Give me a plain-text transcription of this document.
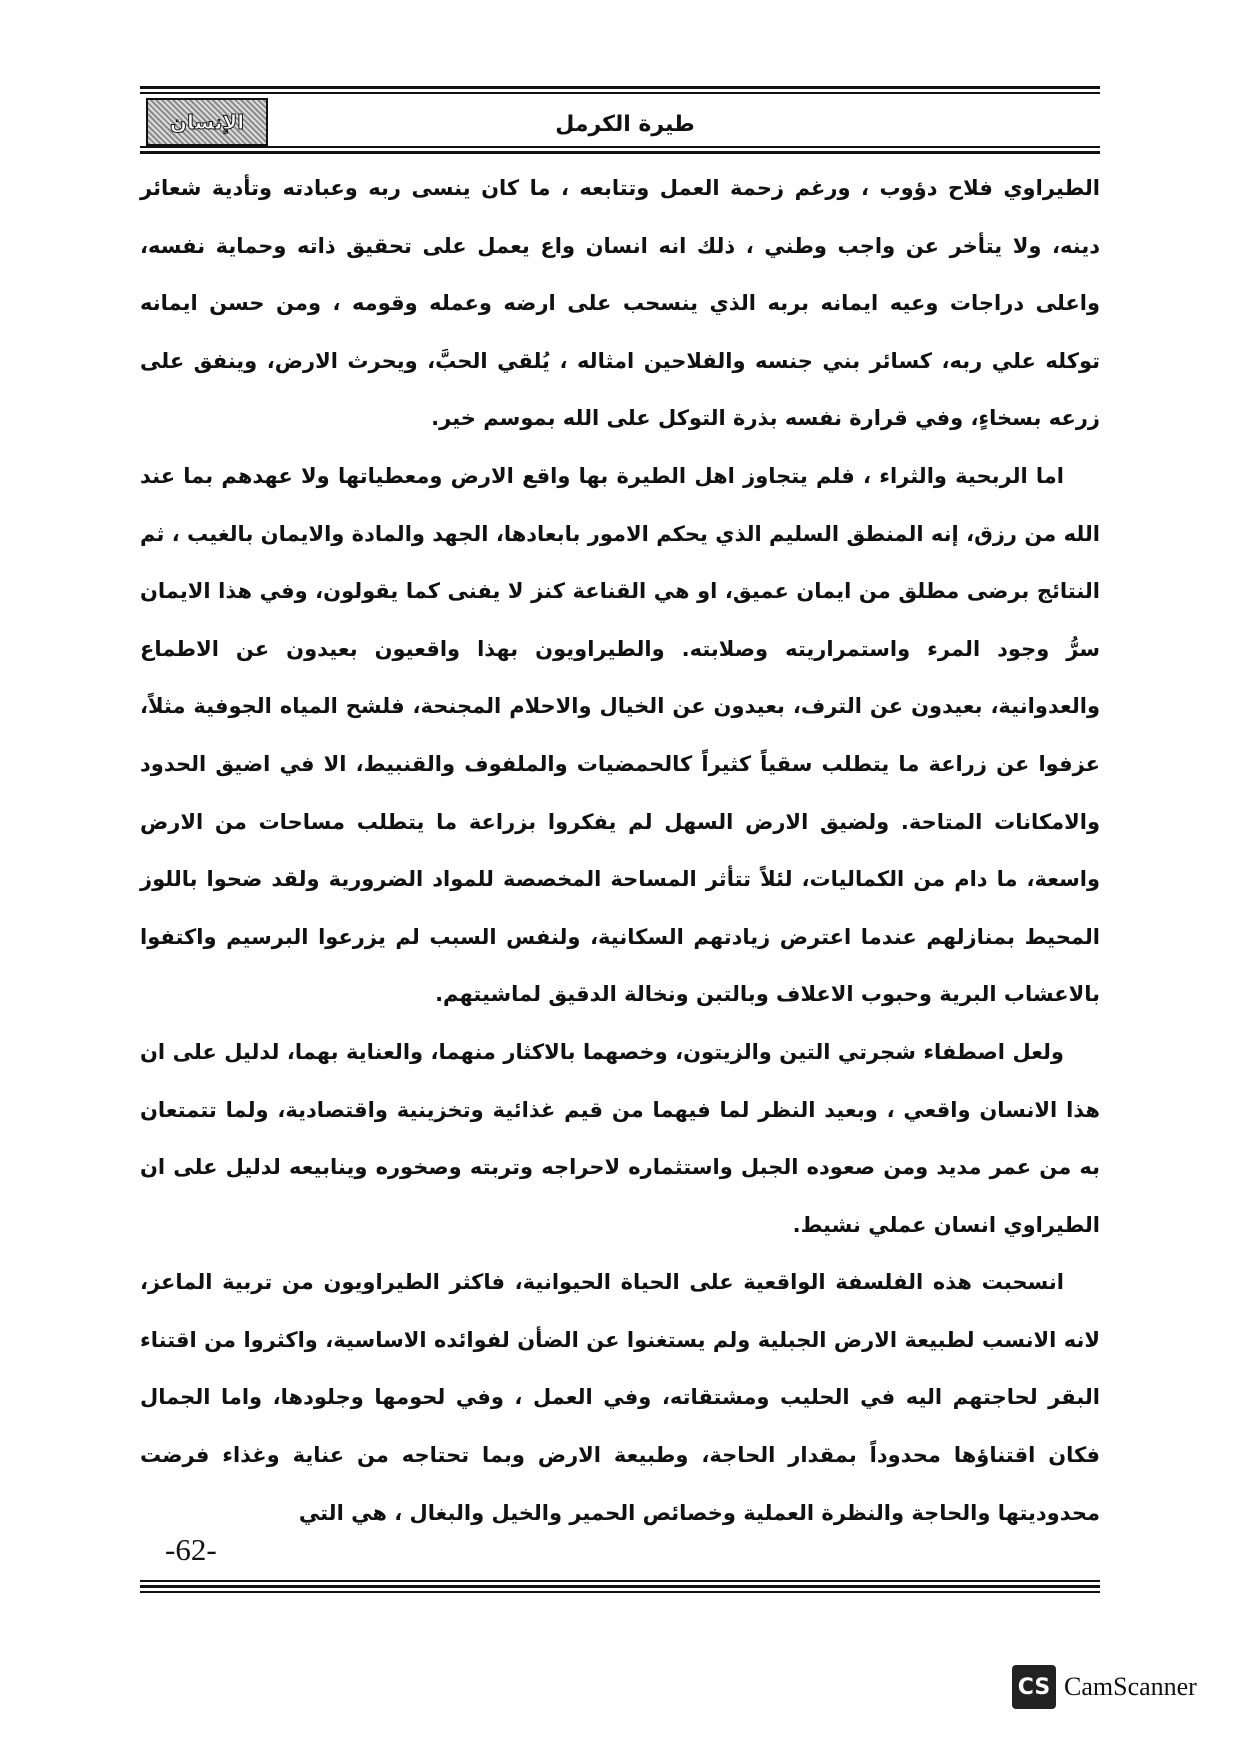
الإنسان	طيرة الكرمل

الطيراوي فلاح دؤوب ، ورغم زحمة العمل وتتابعه ، ما كان ينسى ربه وعبادته وتأدية شعائر دينه، ولا يتأخر عن واجب وطني ، ذلك انه انسان واع يعمل على تحقيق ذاته وحماية نفسه، واعلى دراجات وعيه ايمانه بربه الذي ينسحب على ارضه وعمله وقومه ، ومن حسن ايمانه توكله علي ربه، كسائر بني جنسه والفلاحين امثاله ، يُلقي الحبَّ، ويحرث الارض، وينفق على زرعه بسخاءٍ، وفي قرارة نفسه بذرة التوكل على الله بموسم خير.

اما الربحية والثراء ، فلم يتجاوز اهل الطيرة بها واقع الارض ومعطياتها ولا عهدهم بما عند الله من رزق، إنه المنطق السليم الذي يحكم الامور بابعادها، الجهد والمادة والايمان بالغيب ، ثم النتائج برضى مطلق من ايمان عميق، او هي القناعة كنز لا يفنى كما يقولون، وفي هذا الايمان سرُّ وجود المرء واستمراريته وصلابته. والطيراويون بهذا واقعيون بعيدون عن الاطماع والعدوانية، بعيدون عن الترف، بعيدون عن الخيال والاحلام المجنحة، فلشح المياه الجوفية مثلاً، عزفوا عن زراعة ما يتطلب سقياً كثيراً كالحمضيات والملفوف والقنبيط، الا في اضيق الحدود والامكانات المتاحة. ولضيق الارض السهل لم يفكروا بزراعة ما يتطلب مساحات من الارض واسعة، ما دام من الكماليات، لئلاً تتأثر المساحة المخصصة للمواد الضرورية ولقد ضحوا باللوز المحيط بمنازلهم عندما اعترض زيادتهم السكانية، ولنفس السبب لم يزرعوا البرسيم واكتفوا بالاعشاب البرية وحبوب الاعلاف وبالتبن ونخالة الدقيق لماشيتهم.

ولعل اصطفاء شجرتي التين والزيتون، وخصهما بالاكثار منهما، والعناية بهما، لدليل على ان هذا الانسان واقعي ، وبعيد النظر لما فيهما من قيم غذائية وتخزينية واقتصادية، ولما تتمتعان به من عمر مديد ومن صعوده الجبل واستثماره لاحراجه وتربته وصخوره وينابيعه لدليل على ان الطيراوي انسان عملي نشيط.

انسحبت هذه الفلسفة الواقعية على الحياة الحيوانية، فاكثر الطيراويون من تربية الماعز، لانه الانسب لطبيعة الارض الجبلية ولم يستغنوا عن الضأن لفوائده الاساسية، واكثروا من اقتناء البقر لحاجتهم اليه في الحليب ومشتقاته، وفي العمل ، وفي لحومها وجلودها، واما الجمال فكان اقتناؤها محدوداً بمقدار الحاجة، وطبيعة الارض وبما تحتاجه من عناية وغذاء فرضت محدوديتها والحاجة والنظرة العملية وخصائص الحمير والخيل والبغال ، هي التي

-62-
CS CamScanner
